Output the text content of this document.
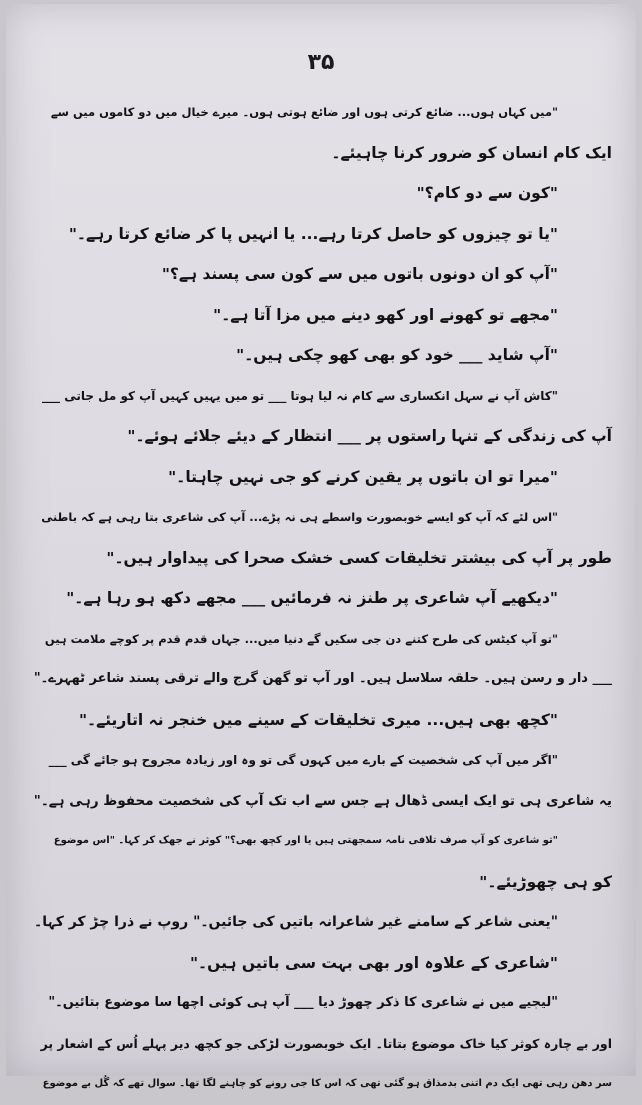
۳۵
"میں کہاں ہوں... ضائع کرتی ہوں اور ضائع ہوتی ہوں۔ میرے خیال میں دو کاموں میں سے
ایک کام انسان کو ضرور کرنا چاہیئے۔
"کون سے دو کام؟"
"یا تو چیزوں کو حاصل کرتا رہے... یا انہیں پا کر ضائع کرتا رہے۔"
"آپ کو ان دونوں باتوں میں سے کون سی پسند ہے؟"
"مجھے تو کھونے اور کھو دینے میں مزا آتا ہے۔"
"آپ شاید ___ خود کو بھی کھو چکی ہیں۔"
"کاش آپ نے سہل انکساری سے کام نہ لیا ہوتا ___ تو میں یہیں کہیں آپ کو مل جاتی ___
آپ کی زندگی کے تنہا راستوں پر ___ انتظار کے دیئے جلائے ہوئے۔"
"میرا تو ان باتوں پر یقین کرنے کو جی نہیں چاہتا۔"
"اس لئے کہ آپ کو ایسے خوبصورت واسطے ہی نہ پڑے... آپ کی شاعری بتا رہی ہے کہ باطنی
طور پر آپ کی بیشتر تخلیقات کسی خشک صحرا کی پیداوار ہیں۔"
"دیکھیے آپ شاعری پر طنز نہ فرمائیں ___ مجھے دکھ ہو رہا ہے۔"
"تو آپ کیٹس کی طرح کتنے دن جی سکیں گے دنیا میں... جہاں قدم قدم پر کوچے ملامت ہیں
___ دار و رسن ہیں۔ حلقہ سلاسل ہیں۔ اور آپ تو گھن گرج والے ترقی پسند شاعر ٹھہرے۔"
"کچھ بھی ہیں... میری تخلیقات کے سینے میں خنجر نہ اتاریئے۔"
"اگر میں آپ کی شخصیت کے بارے میں کہوں گی تو وہ اور زیادہ مجروح ہو جائے گی ___
یہ شاعری ہی تو ایک ایسی ڈھال ہے جس سے اب تک آپ کی شخصیت محفوظ رہی ہے۔"
"تو شاعری کو آپ صرف تلافی نامہ سمجھتی ہیں یا اور کچھ بھی؟" کوثر نے جھک کر کہا۔ "اس موضوع
کو ہی چھوڑیئے۔"
"یعنی شاعر کے سامنے غیر شاعرانہ باتیں کی جائیں۔" روپ نے ذرا چڑ کر کہا۔
"شاعری کے علاوہ اور بھی بہت سی باتیں ہیں۔"
"لیجیے میں نے شاعری کا ذکر چھوڑ دیا ___ آپ ہی کوئی اچھا سا موضوع بتائیں۔"
اور بے چارہ کوثر کیا خاک موضوع بتاتا۔ ایک خوبصورت لڑکی جو کچھ دیر پہلے اُس کے اشعار پر
سر دھن رہی تھی ایک دم اتنی بدمذاق ہو گئی تھی کہ اس کا جی رونے کو چاہنے لگا تھا۔ سوال تھے کہ گُل بے موضوع
